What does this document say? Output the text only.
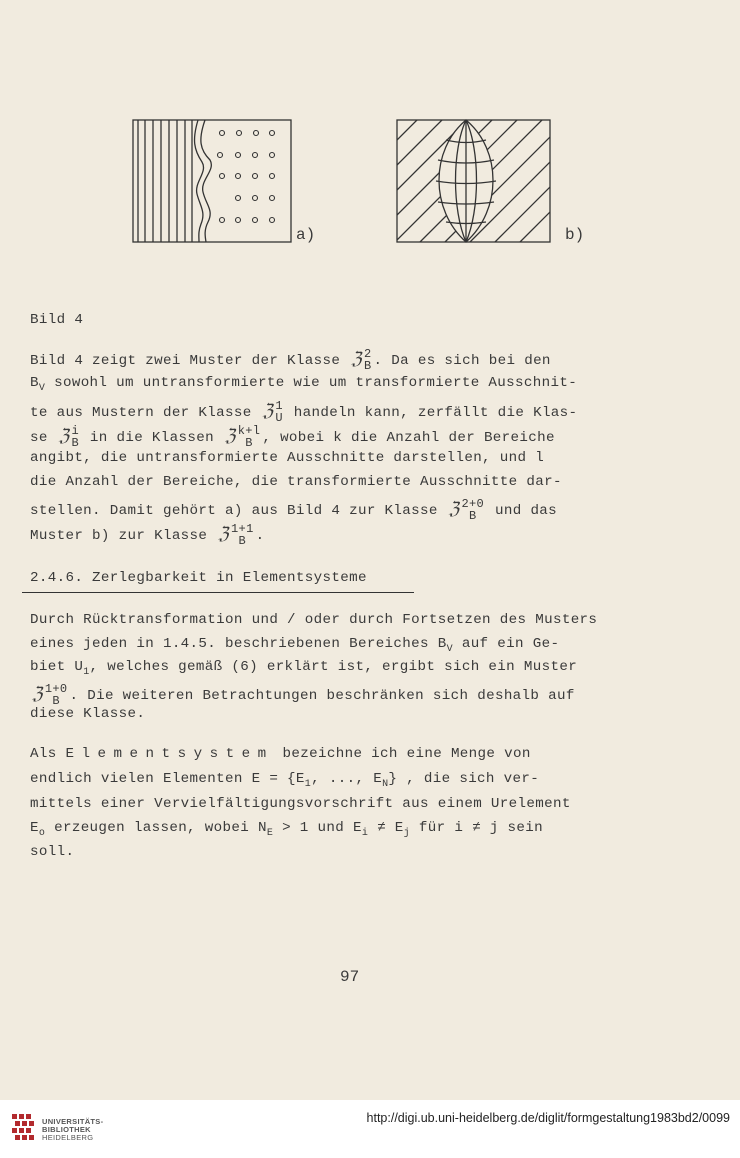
a)	b)
Bild 4
Bild 4 zeigt zwei Muster der Klasse ℨ 2
B . Da es sich bei den
$B_V$ sowohl um untransformierte wie um transformierte Ausschnit-
te aus Mustern der Klasse ℨ 1
U handeln kann, zerfällt die Klas-
se ℨ i
B in die Klassen ℨ k+l
B , wobei k die Anzahl der Bereiche
angibt, die untransformierte Ausschnitte darstellen, und l
die Anzahl der Bereiche, die transformierte Ausschnitte dar-
stellen. Damit gehört a) aus Bild 4 zur Klasse ℨ 2+0
B	und das
Muster b) zur Klasse ℨ 1+1
B .
2.4.6. Zerlegbarkeit in Elementsysteme
Durch Rücktransformation und / oder durch Fortsetzen des Musters
eines jeden in 1.4.5. beschriebenen Bereiches $B_V$ auf ein Ge-
biet $U_1$, welches gemäß (6) erklärt ist, ergibt sich ein Muster
ℨ 1+0
B . Die weiteren Betrachtungen beschränken sich deshalb auf
diese Klasse.
Als Elementsystem bezeichne ich eine Menge von
endlich vielen Elementen $E = \{E_1$, ..., $E_N$} , die sich ver-
mittels einer Vervielfältigungsvorschrift aus einem Urelement
$E_o$ erzeugen lassen, wobei $N_E > 1$ und $E_i \ne E_j$ für i ≠ j sein
soll.
97
UNIVERSITÄTS-
BIBLIOTHEK
HEIDELBERG
http://digi.ub.uni-heidelberg.de/diglit/formgestaltung1983bd2/0099
